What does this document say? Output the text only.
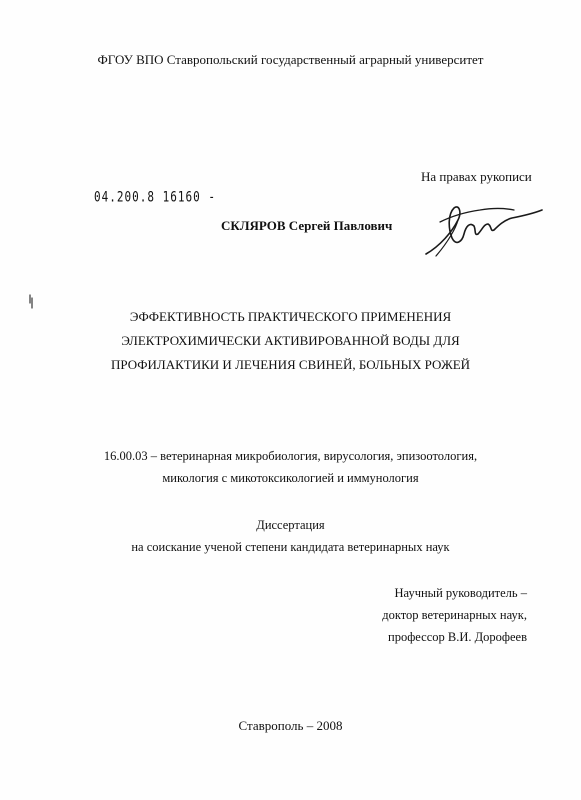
ФГОУ ВПО Ставропольский государственный аграрный университет
На правах рукописи
04.200.8 16160 -
СКЛЯРОВ Сергей Павлович
ЭФФЕКТИВНОСТЬ ПРАКТИЧЕСКОГО ПРИМЕНЕНИЯ
ЭЛЕКТРОХИМИЧЕСКИ АКТИВИРОВАННОЙ ВОДЫ ДЛЯ
ПРОФИЛАКТИКИ И ЛЕЧЕНИЯ СВИНЕЙ, БОЛЬНЫХ РОЖЕЙ
16.00.03 – ветеринарная микробиология, вирусология, эпизоотология,
микология с микотоксикологией и иммунология
Диссертация
на соискание ученой степени кандидата ветеринарных наук
Научный руководитель –
доктор ветеринарных наук,
профессор В.И. Дорофеев
Ставрополь – 2008
